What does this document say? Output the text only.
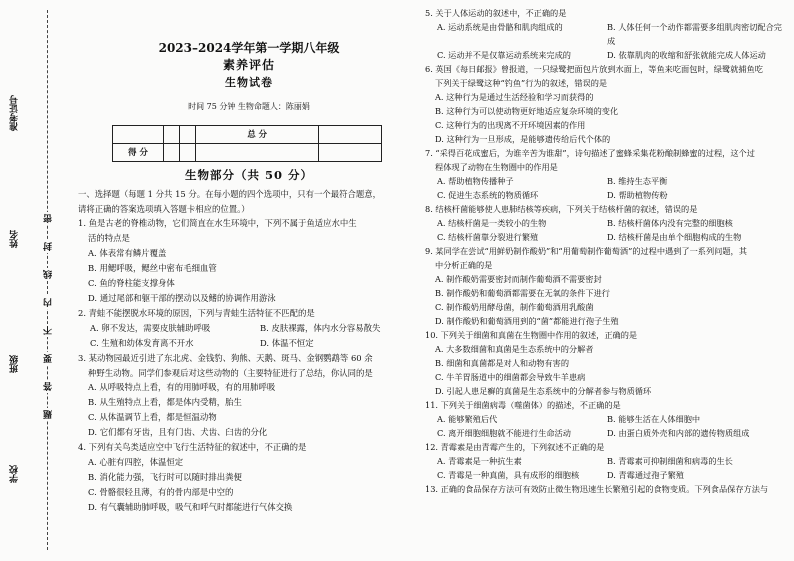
准考证号
姓名
班级
学校
密
封
线
内
不
要
答
题
2023–2024学年第一学期八年级
素养评估
生物试卷
时间 75 分钟 生物命题人：陈丽娟
			总 分	
得 分				
生物部分（共 50 分）
一、选择题（每题 1 分共 15 分。在每小题的四个选项中，只有一个最符合题意，
请将正确的答案选项填入答题卡相应的位置。）
1. 鱼是古老的脊椎动物，它们简直在水生环境中，下列不属于鱼适应水中生
活的特点是
A. 体表常有鳞片覆盖
B. 用鳃呼吸，鳃丝中密布毛细血管
C. 鱼的脊柱能支撑身体
D. 通过尾部和躯干部的摆动以及鳍的协调作用游泳
2. 青蛙不能摆脱水环境的原因，下列与青蛙生活特征不匹配的是
A. 卵不发达，需要皮肤辅助呼吸	B. 皮肤裸露，体内水分容易散失
C. 生殖和幼体发育离不开水	D. 体温不恒定
3. 某动物园最近引进了东北虎、金钱豹、狗熊、天鹅、斑马、金钢鹦鹉等 60 余
种野生动物。同学们参观后对这些动物的（主要特征进行了总结，你认同的是
A. 从呼吸特点上看，有的用肺呼吸，有的用肺呼吸
B. 从生殖特点上看，都是体内受精，胎生
C. 从体温调节上看，都是恒温动物
D. 它们都有牙齿，且有门齿、犬齿、臼齿的分化
4. 下列有关鸟类适应空中飞行生活特征的叙述中，不正确的是
A. 心脏有四腔，体温恒定
B. 消化能力强，飞行时可以随时排出粪便
C. 骨骼很轻且薄，有的骨内部是中空的
D. 有气囊辅助肺呼吸，吸气和呼气时都能进行气体交换
5. 关于人体运动的叙述中，不正确的是
A. 运动系统是由骨骼和肌肉组成的	B. 人体任何一个动作都需要多组肌肉密切配合完成
C. 运动并不是仅靠运动系统来完成的	D. 依靠肌肉的收缩和舒张就能完成人体运动
6. 英国《每日邮报》曾报道，一只绿鹭把面包片放到水面上，等鱼来吃面包时，绿鹭就捕鱼吃
下列关于绿鹭这种“钓鱼”行为的叙述，错误的是
A. 这种行为是通过生活经验和学习而获得的
B. 这种行为可以使动物更好地适应复杂环境的变化
C. 这种行为的出现离不开环境因素的作用
D. 这种行为一旦形成，是能够遗传给后代个体的
7. “采得百花成蜜后，为谁辛苦为谁甜”，诗句描述了蜜蜂采集花粉酿制蜂蜜的过程，这个过
程体现了动物在生物圈中的作用是
A. 帮助植物传播种子	B. 维持生态平衡
C. 促进生态系统的物质循环	D. 帮助植物传粉
8. 结核杆菌能够使人患肺结核等疾病，下列关于结核杆菌的叙述，错误的是
A. 结核杆菌是一类较小的生物	B. 结核杆菌体内没有完整的细胞核
C. 结核杆菌靠分裂进行繁殖	D. 结核杆菌是由单个细胞构成的生物
9. 某同学在尝试“用鲜奶制作酸奶”和“用葡萄制作葡萄酒”的过程中遇到了一系列问题，其
中分析正确的是
A. 制作酸奶需要密封而制作葡萄酒不需要密封
B. 制作酸奶和葡萄酒都需要在无氧的条件下进行
C. 制作酸奶用酵母菌，制作葡萄酒用乳酸菌
D. 制作酸奶和葡萄酒用到的“菌”都能进行孢子生殖
10. 下列关于细菌和真菌在生物圈中作用的叙述，正确的是
A. 大多数细菌和真菌是生态系统中的分解者
B. 细菌和真菌都是对人和动物有害的
C. 牛羊胃肠道中的细菌都会导致牛羊患病
D. 引起人患足癣的真菌是生态系统中的分解者参与物质循环
11. 下列关于细菌病毒（噬菌体）的描述，不正确的是
A. 能够繁殖后代	B. 能够生活在人体细胞中
C. 离开细胞细胞就不能进行生命活动	D. 由蛋白质外壳和内部的遗传物质组成
12. 青霉素是由青霉产生的，下列叙述不正确的是
A. 青霉素是一种抗生素	B. 青霉素可抑制细菌和病毒的生长
C. 青霉是一种真菌，具有成形的细胞核	D. 青霉通过孢子繁殖
13. 正确的食品保存方法可有效防止微生物迅速生长繁殖引起的食物变质。下列食品保存方法与
